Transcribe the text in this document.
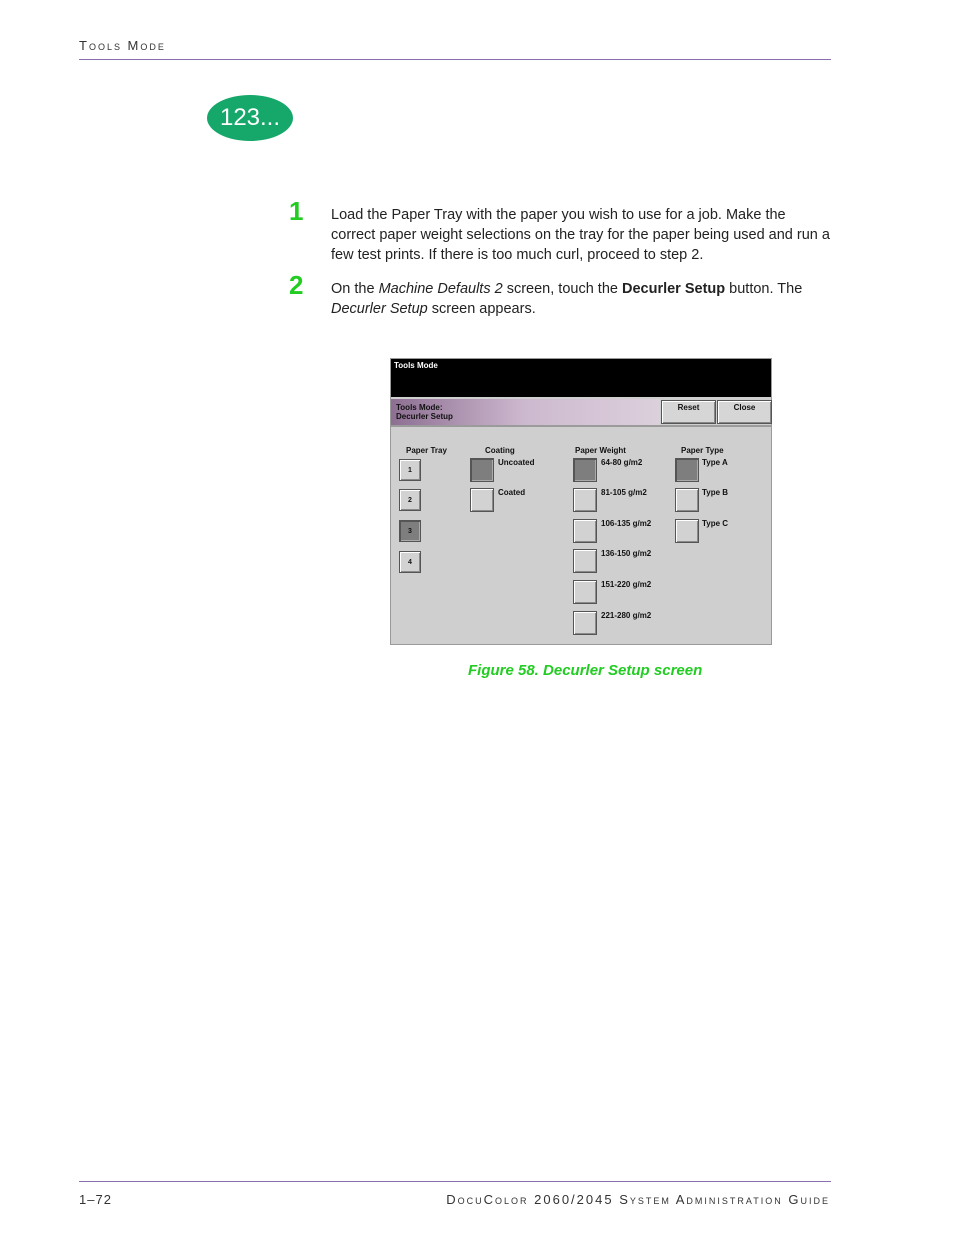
Tools Mode
123...
1 Load the Paper Tray with the paper you wish to use for a job. Make the correct paper weight selections on the tray for the paper being used and run a few test prints. If there is too much curl, proceed to step 2.
2 On the Machine Defaults 2 screen, touch the Decurler Setup button. The Decurler Setup screen appears.
Tools Mode
Tools Mode:
Decurler Setup
Reset	Close
Paper Tray	Coating	Paper Weight	Paper Type
1
2
3
4
Uncoated
Coated
64-80 g/m2
81-105 g/m2
106-135 g/m2
136-150 g/m2
151-220 g/m2
221-280 g/m2
Type A
Type B
Type C
Figure 58. Decurler Setup screen
1–72	DocuColor 2060/2045 System Administration Guide
